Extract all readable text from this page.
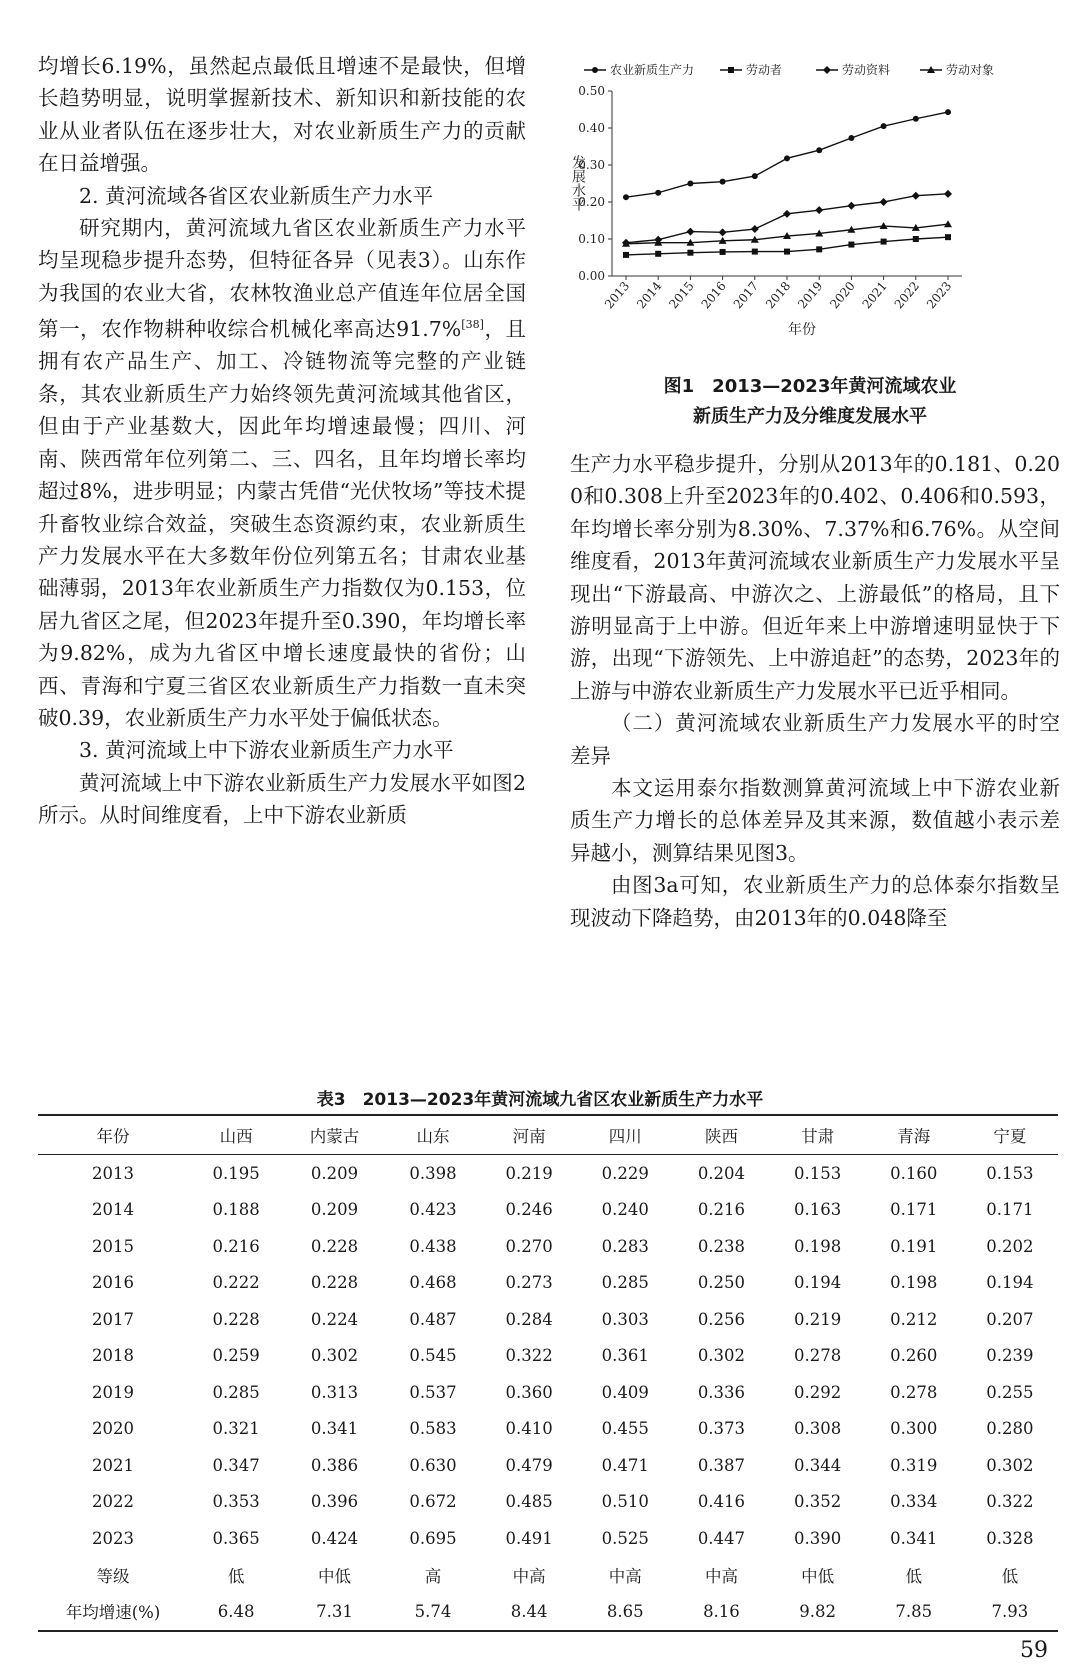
均增长6.19%，虽然起点最低且增速不是最快，但增长趋势明显，说明掌握新技术、新知识和新技能的农业从业者队伍在逐步壮大，对农业新质生产力的贡献在日益增强。

2. 黄河流域各省区农业新质生产力水平

研究期内，黄河流域九省区农业新质生产力水平均呈现稳步提升态势，但特征各异（见表3）。山东作为我国的农业大省，农林牧渔业总产值连年位居全国第一，农作物耕种收综合机械化率高达91.7%[38]，且拥有农产品生产、加工、冷链物流等完整的产业链条，其农业新质生产力始终领先黄河流域其他省区，但由于产业基数大，因此年均增速最慢；四川、河南、陕西常年位列第二、三、四名，且年均增长率均超过8%，进步明显；内蒙古凭借“光伏牧场”等技术提升畜牧业综合效益，突破生态资源约束，农业新质生产力发展水平在大多数年份位列第五名；甘肃农业基础薄弱，2013年农业新质生产力指数仅为0.153，位居九省区之尾，但2023年提升至0.390，年均增长率为9.82%，成为九省区中增长速度最快的省份；山西、青海和宁夏三省区农业新质生产力指数一直未突破0.39，农业新质生产力水平处于偏低状态。

3. 黄河流域上中下游农业新质生产力水平

黄河流域上中下游农业新质生产力发展水平如图2所示。从时间维度看，上中下游农业新质

0.00
0.10
0.20
0.30
0.40
0.50
2013 2014 2015 2016 2017 2018 2019 2020 2021 2022 2023
年份
发展水平
农业新质生产力	劳动者	劳动资料	劳动对象
图1　2013—2023年黄河流域农业
新质生产力及分维度发展水平

生产力水平稳步提升，分别从2013年的0.181、0.200和0.308上升至2023年的0.402、0.406和0.593，年均增长率分别为8.30%、7.37%和6.76%。从空间维度看，2013年黄河流域农业新质生产力发展水平呈现出“下游最高、中游次之、上游最低”的格局，且下游明显高于上中游。但近年来上中游增速明显快于下游，出现“下游领先、上中游追赶”的态势，2023年的上游与中游农业新质生产力发展水平已近乎相同。

（二）黄河流域农业新质生产力发展水平的时空差异

本文运用泰尔指数测算黄河流域上中下游农业新质生产力增长的总体差异及其来源，数值越小表示差异越小，测算结果见图3。

由图3a可知，农业新质生产力的总体泰尔指数呈现波动下降趋势，由2013年的0.048降至

表3　2013—2023年黄河流域九省区农业新质生产力水平
年份	山西	内蒙古	山东	河南	四川	陕西	甘肃	青海	宁夏
2013	0.195	0.209	0.398	0.219	0.229	0.204	0.153	0.160	0.153
2014	0.188	0.209	0.423	0.246	0.240	0.216	0.163	0.171	0.171
2015	0.216	0.228	0.438	0.270	0.283	0.238	0.198	0.191	0.202
2016	0.222	0.228	0.468	0.273	0.285	0.250	0.194	0.198	0.194
2017	0.228	0.224	0.487	0.284	0.303	0.256	0.219	0.212	0.207
2018	0.259	0.302	0.545	0.322	0.361	0.302	0.278	0.260	0.239
2019	0.285	0.313	0.537	0.360	0.409	0.336	0.292	0.278	0.255
2020	0.321	0.341	0.583	0.410	0.455	0.373	0.308	0.300	0.280
2021	0.347	0.386	0.630	0.479	0.471	0.387	0.344	0.319	0.302
2022	0.353	0.396	0.672	0.485	0.510	0.416	0.352	0.334	0.322
2023	0.365	0.424	0.695	0.491	0.525	0.447	0.390	0.341	0.328
等级	低	中低	高	中高	中高	中高	中低	低	低
年均增速(%)	6.48	7.31	5.74	8.44	8.65	8.16	9.82	7.85	7.93
59
